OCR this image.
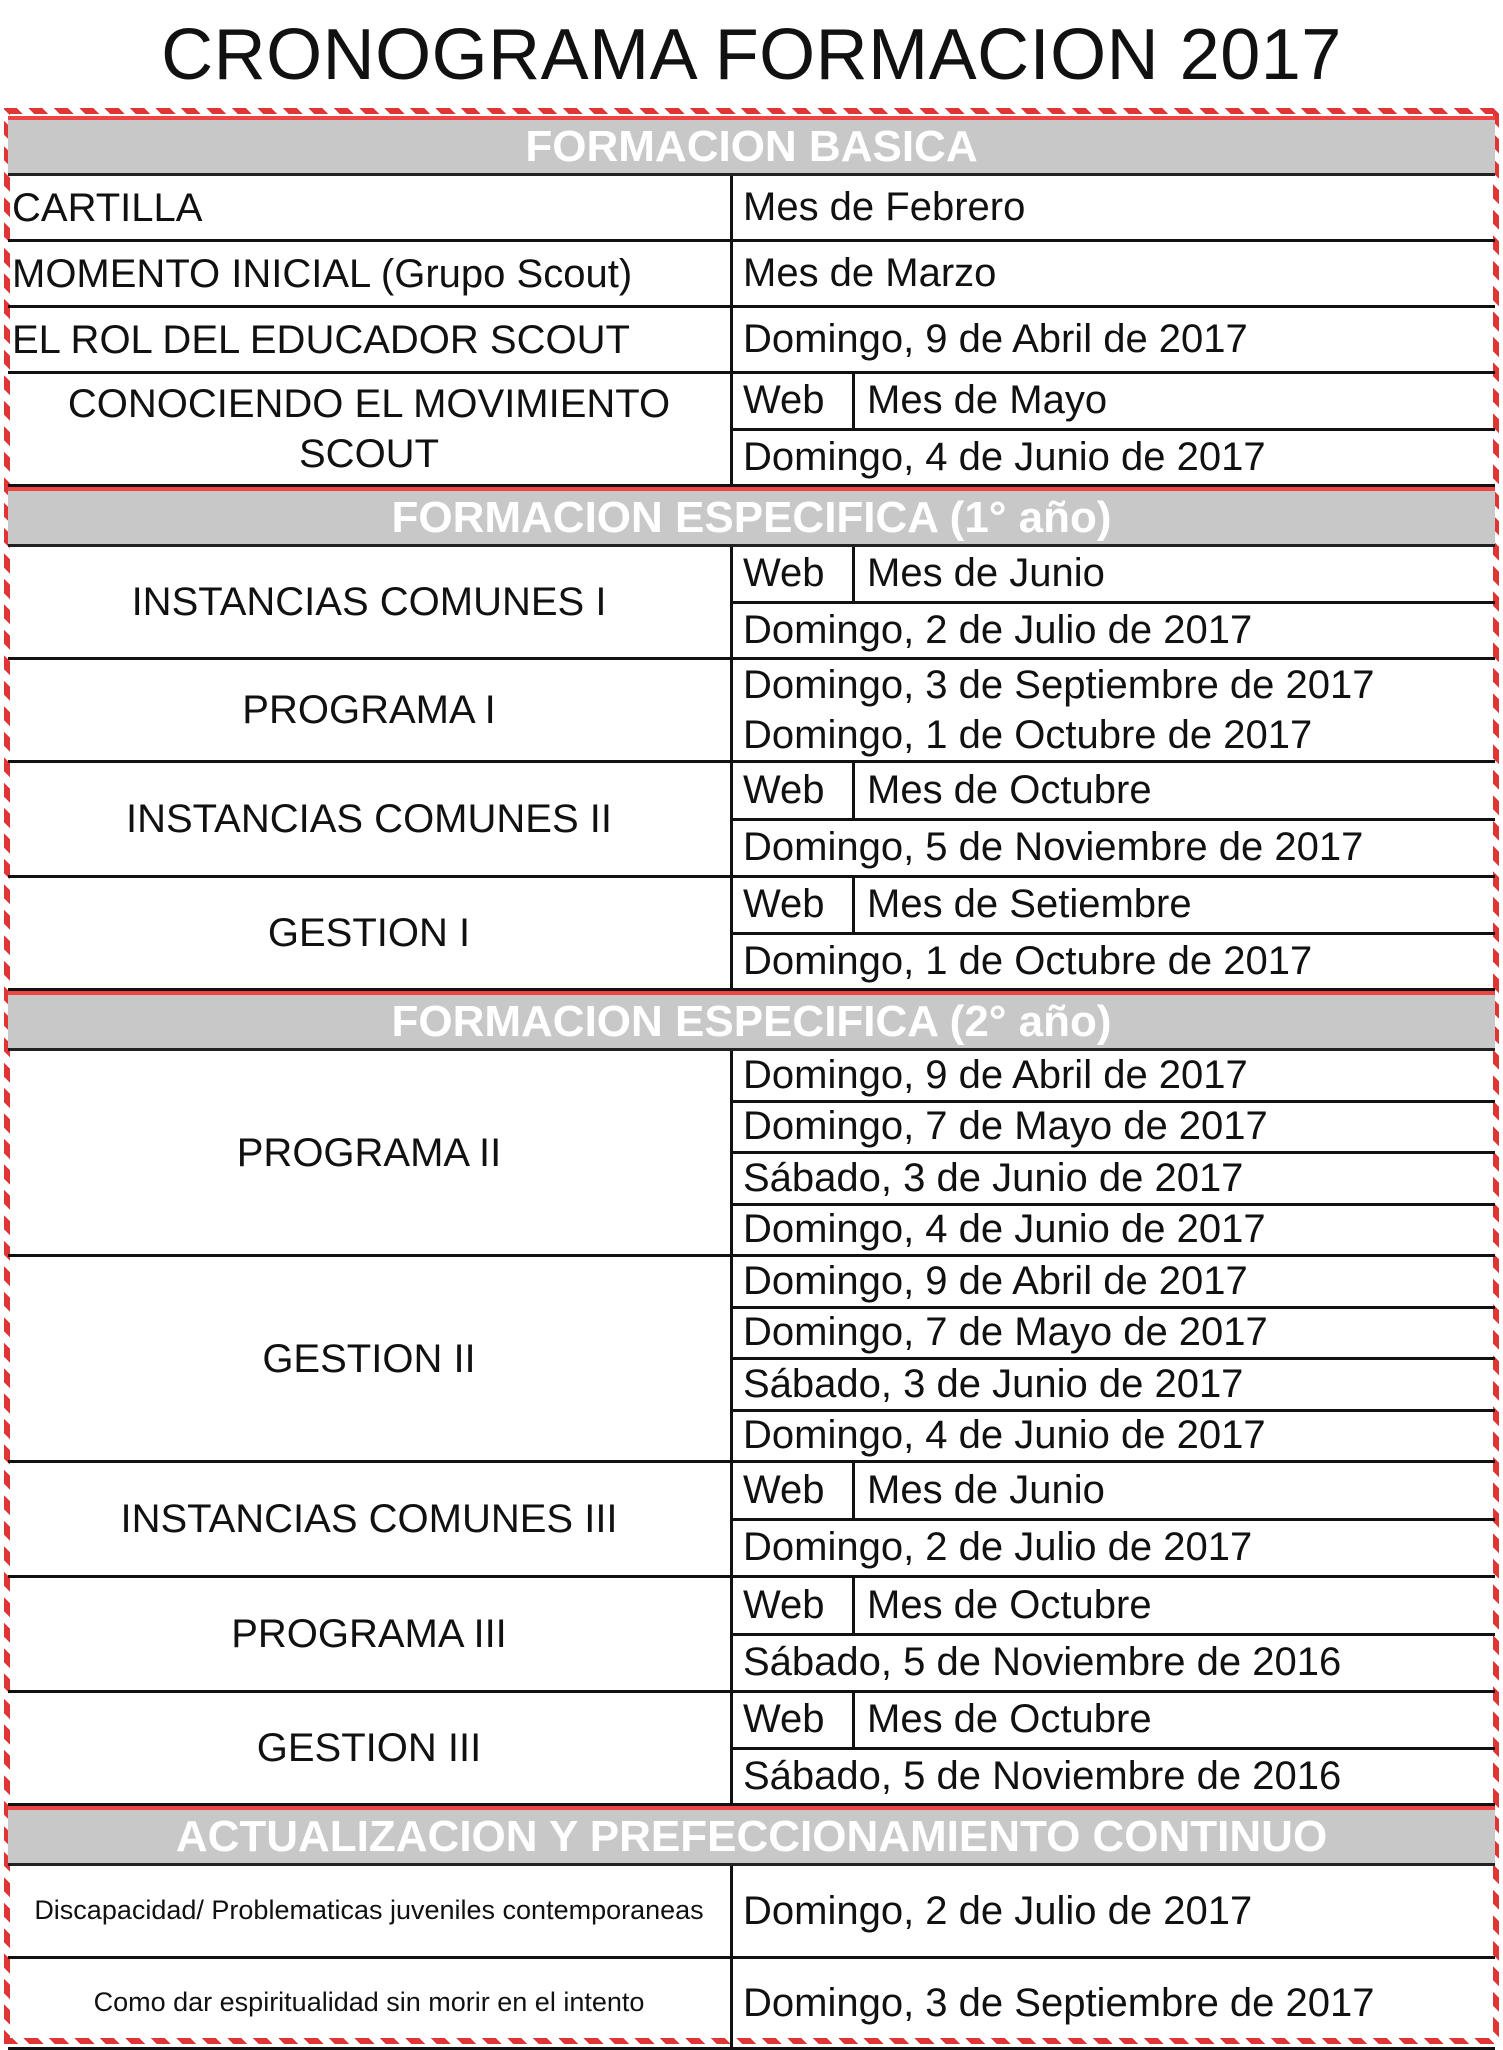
CRONOGRAMA FORMACION 2017
FORMACION BASICA
CARTILLA	Mes de Febrero
MOMENTO INICIAL (Grupo Scout)	Mes de Marzo
EL ROL DEL EDUCADOR SCOUT	Domingo, 9 de Abril de 2017
CONOCIENDO EL MOVIMIENTO SCOUT
Web	Mes de Mayo
Domingo, 4 de Junio de 2017
FORMACION ESPECIFICA (1° año)
INSTANCIAS COMUNES I
Web	Mes de Junio
Domingo, 2 de Julio de 2017
PROGRAMA I
Domingo, 3 de Septiembre de 2017
Domingo, 1 de Octubre de 2017
INSTANCIAS COMUNES II
Web	Mes de Octubre
Domingo, 5 de Noviembre de 2017
GESTION I
Web	Mes de Setiembre
Domingo, 1 de Octubre de 2017
FORMACION ESPECIFICA (2° año)
PROGRAMA II
Domingo, 9 de Abril de 2017
Domingo, 7 de Mayo de 2017
Sábado, 3 de Junio de 2017
Domingo, 4 de Junio de 2017
GESTION II
Domingo, 9 de Abril de 2017
Domingo, 7 de Mayo de 2017
Sábado, 3 de Junio de 2017
Domingo, 4 de Junio de 2017
INSTANCIAS COMUNES III
Web	Mes de Junio
Domingo, 2 de Julio de 2017
PROGRAMA III
Web	Mes de Octubre
Sábado, 5 de Noviembre de 2016
GESTION III
Web	Mes de Octubre
Sábado, 5 de Noviembre de 2016
ACTUALIZACION Y PREFECCIONAMIENTO CONTINUO
Discapacidad/ Problematicas juveniles contemporaneas Domingo, 2 de Julio de 2017
Como dar espiritualidad sin morir en el intento	Domingo, 3 de Septiembre de 2017
